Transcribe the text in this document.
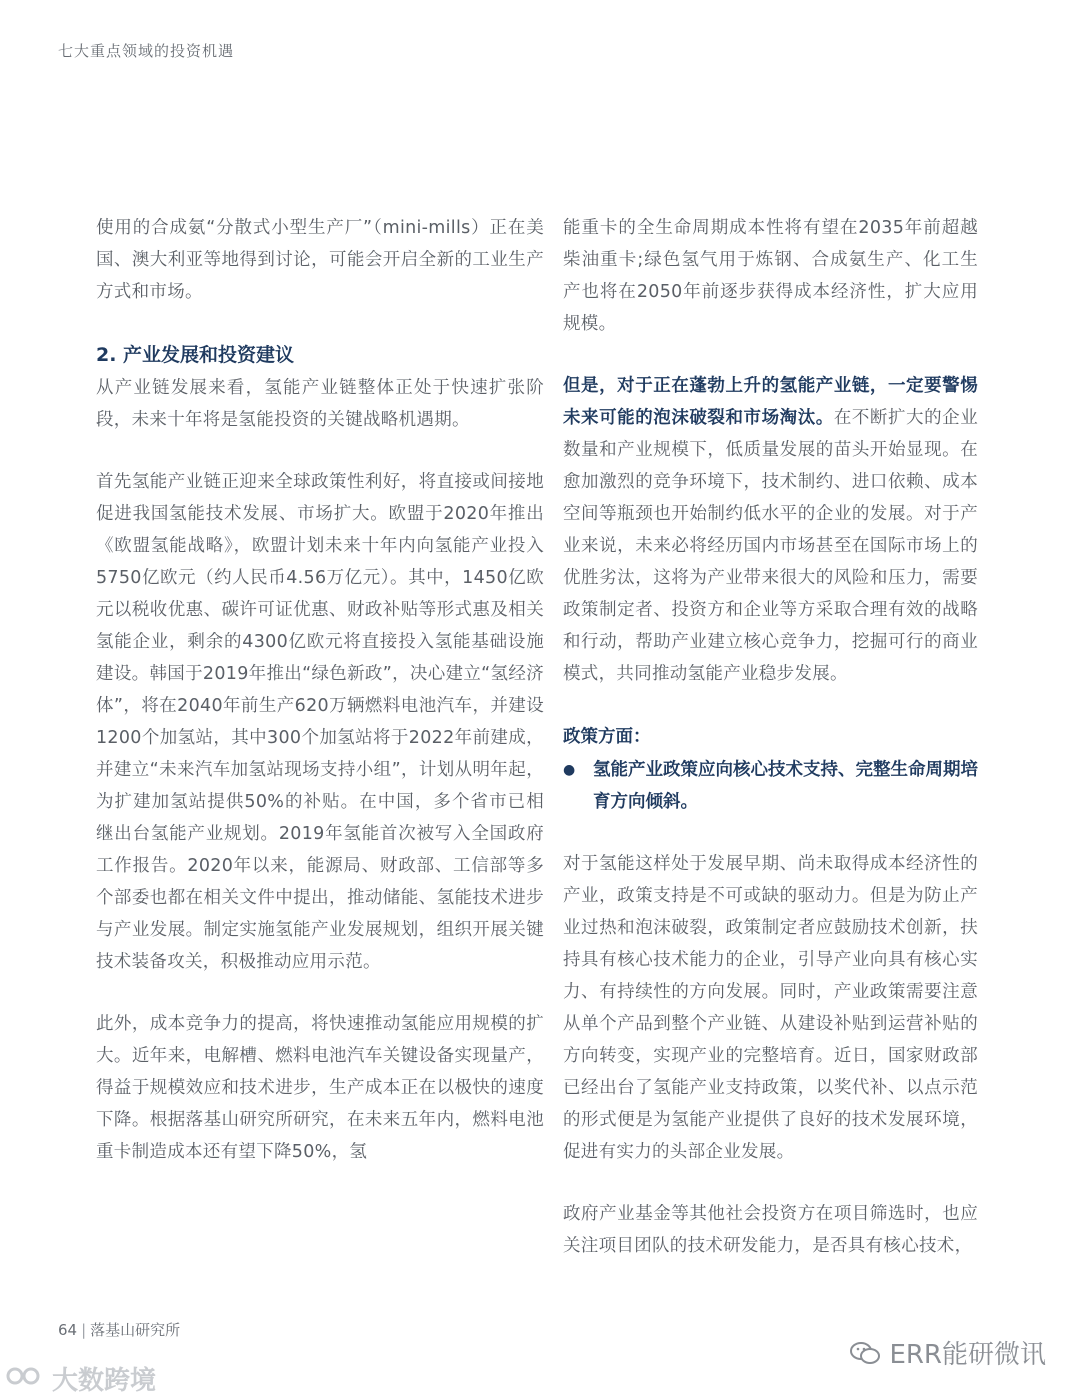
七大重点领域的投资机遇

使用的合成氨“分散式小型生产厂”（mini-mills）正在美国、澳大利亚等地得到讨论，可能会开启全新的工业生产方式和市场。

2. 产业发展和投资建议

从产业链发展来看，氢能产业链整体正处于快速扩张阶段，未来十年将是氢能投资的关键战略机遇期。

首先氢能产业链正迎来全球政策性利好，将直接或间接地促进我国氢能技术发展、市场扩大。欧盟于2020年推出《欧盟氢能战略》，欧盟计划未来十年内向氢能产业投入5750亿欧元（约人民币4.56万亿元）。其中，1450亿欧元以税收优惠、碳许可证优惠、财政补贴等形式惠及相关氢能企业，剩余的4300亿欧元将直接投入氢能基础设施建设。韩国于2019年推出“绿色新政”，决心建立“氢经济体”，将在2040年前生产620万辆燃料电池汽车，并建设1200个加氢站，其中300个加氢站将于2022年前建成，并建立“未来汽车加氢站现场支持小组”，计划从明年起，为扩建加氢站提供50%的补贴。在中国，多个省市已相继出台氢能产业规划。2019年氢能首次被写入全国政府工作报告。2020年以来，能源局、财政部、工信部等多个部委也都在相关文件中提出，推动储能、氢能技术进步与产业发展。制定实施氢能产业发展规划，组织开展关键技术装备攻关，积极推动应用示范。

此外，成本竞争力的提高，将快速推动氢能应用规模的扩大。近年来，电解槽、燃料电池汽车关键设备实现量产，得益于规模效应和技术进步，生产成本正在以极快的速度下降。根据落基山研究所研究，在未来五年内，燃料电池重卡制造成本还有望下降50%，氢

能重卡的全生命周期成本性将有望在2035年前超越柴油重卡;绿色氢气用于炼钢、合成氨生产、化工生产也将在2050年前逐步获得成本经济性，扩大应用规模。

但是，对于正在蓬勃上升的氢能产业链，一定要警惕未来可能的泡沫破裂和市场淘汰。在不断扩大的企业数量和产业规模下，低质量发展的苗头开始显现。在愈加激烈的竞争环境下，技术制约、进口依赖、成本空间等瓶颈也开始制约低水平的企业的发展。对于产业来说，未来必将经历国内市场甚至在国际市场上的优胜劣汰，这将为产业带来很大的风险和压力，需要政策制定者、投资方和企业等方采取合理有效的战略和行动，帮助产业建立核心竞争力，挖掘可行的商业模式，共同推动氢能产业稳步发展。

政策方面：

●	氢能产业政策应向核心技术支持、完整生命周期培育方向倾斜。

对于氢能这样处于发展早期、尚未取得成本经济性的产业，政策支持是不可或缺的驱动力。但是为防止产业过热和泡沫破裂，政策制定者应鼓励技术创新，扶持具有核心技术能力的企业，引导产业向具有核心实力、有持续性的方向发展。同时，产业政策需要注意从单个产品到整个产业链、从建设补贴到运营补贴的方向转变，实现产业的完整培育。近日，国家财政部已经出台了氢能产业支持政策，以奖代补、以点示范的形式便是为氢能产业提供了良好的技术发展环境，促进有实力的头部企业发展。

政府产业基金等其他社会投资方在项目筛选时，也应关注项目团队的技术研发能力，是否具有核心技术，

64 | 落基山研究所
ERR能研微讯
大数跨境
